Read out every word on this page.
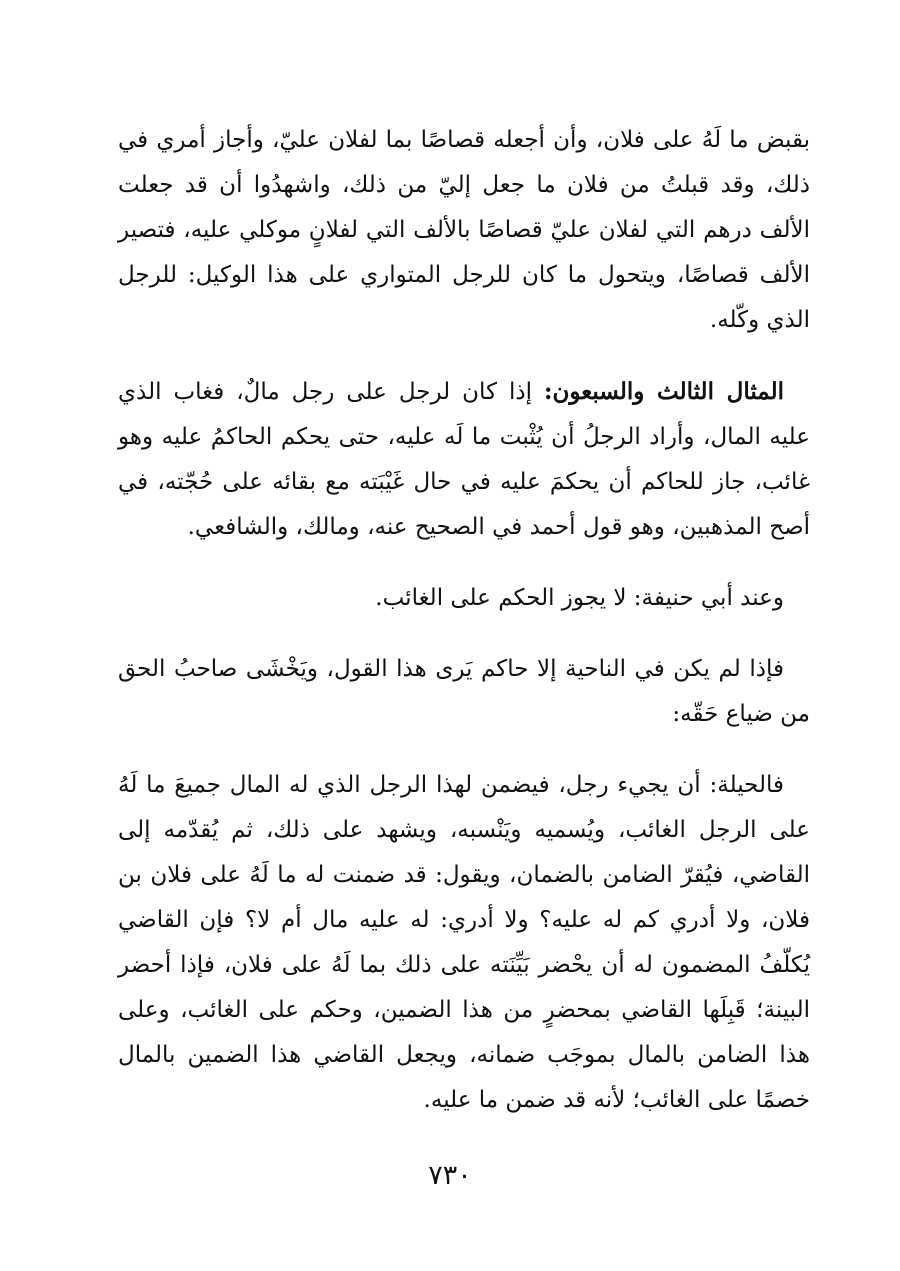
بقبض ما لَهُ على فلان، وأن أجعله قصاصًا بما لفلان عليّ، وأجاز أمري في ذلك، وقد قبلتُ من فلان ما جعل إليّ من ذلك، واشهدُوا أن قد جعلت الألف درهم التي لفلان عليّ قصاصًا بالألف التي لفلانٍ موكلي عليه، فتصير الألف قصاصًا، ويتحول ما كان للرجل المتواري على هذا الوكيل: للرجل الذي وكّله.

المثال الثالث والسبعون: إذا كان لرجل على رجل مالٌ، فغاب الذي عليه المال، وأراد الرجلُ أن يُثْبت ما لَه عليه، حتى يحكم الحاكمُ عليه وهو غائب، جاز للحاكم أن يحكمَ عليه في حال غَيْبَته مع بقائه على حُجّته، في أصح المذهبين، وهو قول أحمد في الصحيح عنه، ومالك، والشافعي.

وعند أبي حنيفة: لا يجوز الحكم على الغائب.

فإذا لم يكن في الناحية إلا حاكم يَرى هذا القول، ويَخْشَى صاحبُ الحق من ضياع حَقّه:

فالحيلة: أن يجيء رجل، فيضمن لهذا الرجل الذي له المال جميعَ ما لَهُ على الرجل الغائب، ويُسميه ويَنْسبه، ويشهد على ذلك، ثم يُقدّمه إلى القاضي، فيُقرّ الضامن بالضمان، ويقول: قد ضمنت له ما لَهُ على فلان بن فلان، ولا أدري كم له عليه؟ ولا أدري: له عليه مال أم لا؟ فإن القاضي يُكلّفُ المضمون له أن يحْضر بَيِّنَته على ذلك بما لَهُ على فلان، فإذا أحضر البينة؛ قَبِلَها القاضي بمحضرٍ من هذا الضمين، وحكم على الغائب، وعلى هذا الضامن بالمال بموجَب ضمانه، ويجعل القاضي هذا الضمين بالمال خصمًا على الغائب؛ لأنه قد ضمن ما عليه.

٧٣٠
